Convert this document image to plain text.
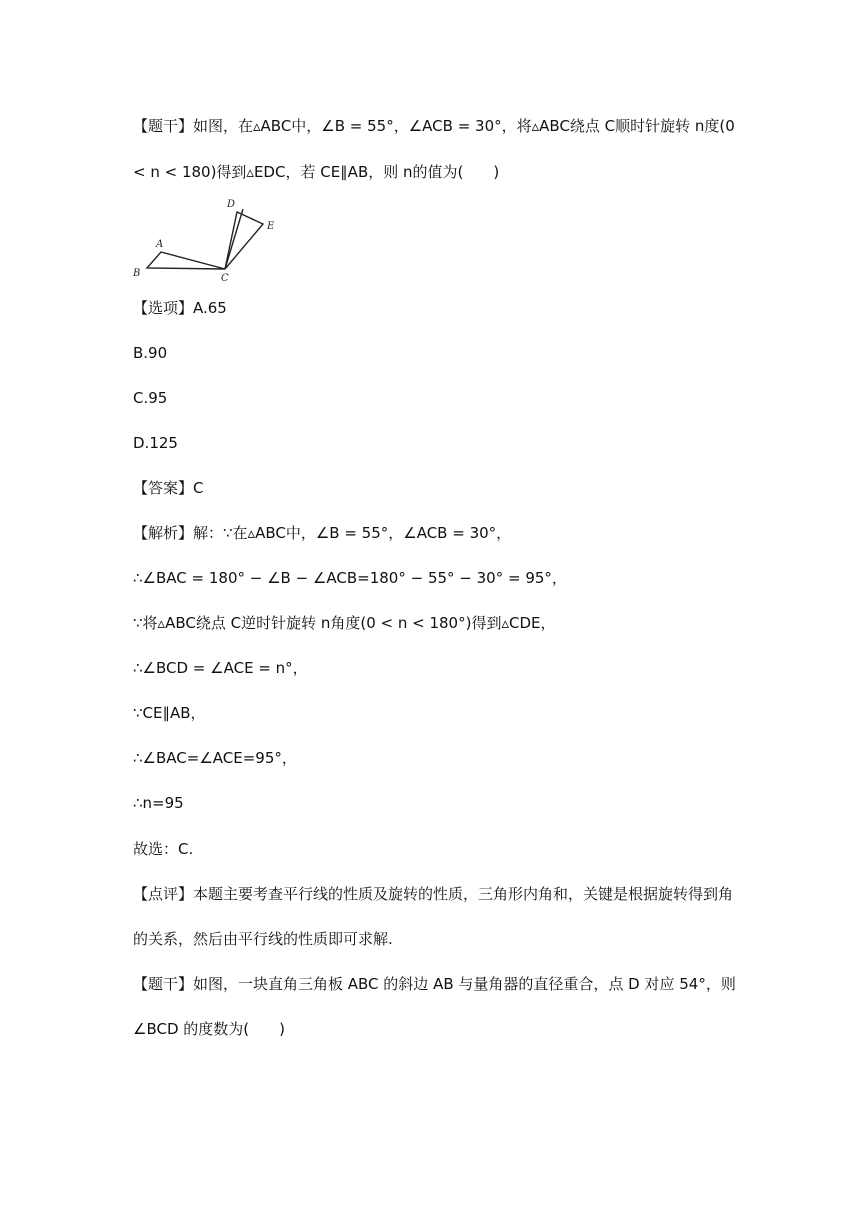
【题干】如图，在▵ABC中，∠B = 55°，∠ACB = 30°，将▵ABC绕点 C顺时针旋转 n度(0
< n < 180)得到▵EDC，若 CE∥AB，则 n的值为(　　)
A
B	C
D
E
【选项】A.65
B.90
C.95
D.125
【答案】C
【解析】解：∵在▵ABC中，∠B = 55°，∠ACB = 30°，
∴∠BAC = 180° − ∠B − ∠ACB=180° − 55° − 30° = 95°，
∵将▵ABC绕点 C逆时针旋转 n角度(0 < n < 180°)得到▵CDE，
∴∠BCD = ∠ACE = n°，
∵CE∥AB，
∴∠BAC=∠ACE=95°，
∴n=95
故选：C.
【点评】本题主要考查平行线的性质及旋转的性质，三角形内角和，关键是根据旋转得到角
的关系，然后由平行线的性质即可求解.
【题干】如图，一块直角三角板 ABC 的斜边 AB 与量角器的直径重合，点 D 对应 54°，则
∠BCD 的度数为(　　)
